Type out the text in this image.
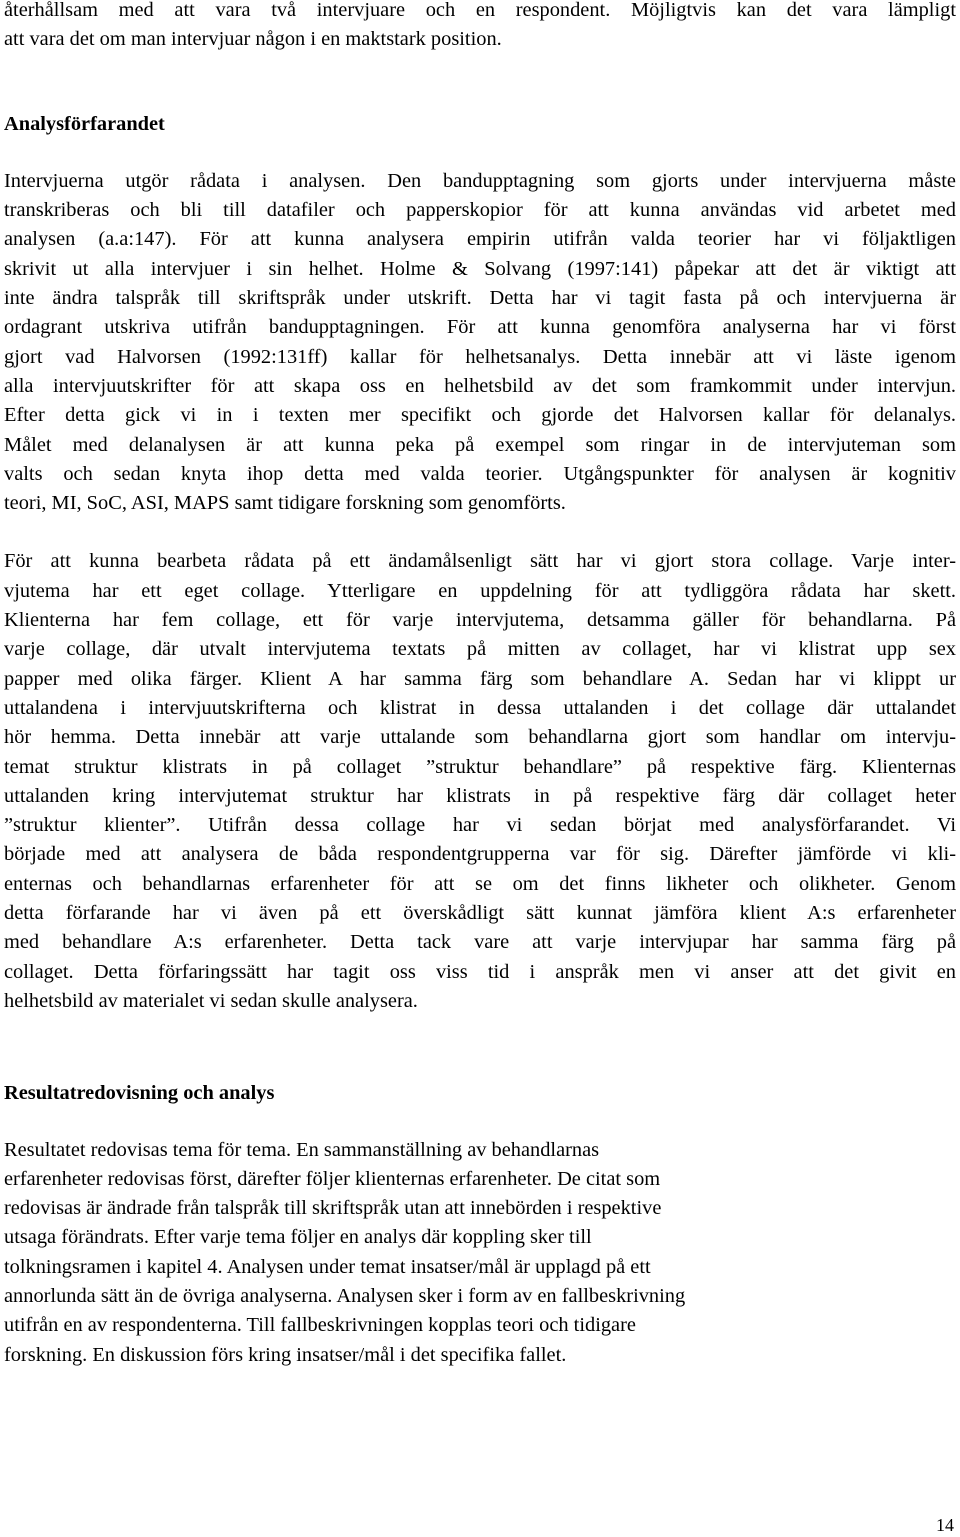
återhållsam med att vara två intervjuare och en respondent. Möjligtvis kan det vara lämpligt
att vara det om man intervjuar någon i en maktstark position.
Analysförfarandet
Intervjuerna utgör rådata i analysen. Den bandupptagning som gjorts under intervjuerna måste
transkriberas och bli till datafiler och papperskopior för att kunna användas vid arbetet med
analysen (a.a:147). För att kunna analysera empirin utifrån valda teorier har vi följaktligen
skrivit ut alla intervjuer i sin helhet. Holme & Solvang (1997:141) påpekar att det är viktigt att
inte ändra talspråk till skriftspråk under utskrift. Detta har vi tagit fasta på och intervjuerna är
ordagrant utskriva utifrån bandupptagningen. För att kunna genomföra analyserna har vi först
gjort vad Halvorsen (1992:131ff) kallar för helhetsanalys. Detta innebär att vi läste igenom
alla intervjuutskrifter för att skapa oss en helhetsbild av det som framkommit under intervjun.
Efter detta gick vi in i texten mer specifikt och gjorde det Halvorsen kallar för delanalys.
Målet med delanalysen är att kunna peka på exempel som ringar in de intervjuteman som
valts och sedan knyta ihop detta med valda teorier. Utgångspunkter för analysen är kognitiv
teori, MI, SoC, ASI, MAPS samt tidigare forskning som genomförts.
För att kunna bearbeta rådata på ett ändamålsenligt sätt har vi gjort stora collage. Varje inter-
vjutema har ett eget collage. Ytterligare en uppdelning för att tydliggöra rådata har skett.
Klienterna har fem collage, ett för varje intervjutema, detsamma gäller för behandlarna. På
varje collage, där utvalt intervjutema textats på mitten av collaget, har vi klistrat upp sex
papper med olika färger. Klient A har samma färg som behandlare A. Sedan har vi klippt ur
uttalandena i intervjuutskrifterna och klistrat in dessa uttalanden i det collage där uttalandet
hör hemma. Detta innebär att varje uttalande som behandlarna gjort som handlar om intervju-
temat struktur klistrats in på collaget ”struktur behandlare” på respektive färg. Klienternas
uttalanden kring intervjutemat struktur har klistrats in på respektive färg där collaget heter
”struktur klienter”. Utifrån dessa collage har vi sedan börjat med analysförfarandet. Vi
började med att analysera de båda respondentgrupperna var för sig. Därefter jämförde vi kli-
enternas och behandlarnas erfarenheter för att se om det finns likheter och olikheter. Genom
detta förfarande har vi även på ett överskådligt sätt kunnat jämföra klient A:s erfarenheter
med behandlare A:s erfarenheter. Detta tack vare att varje intervjupar har samma färg på
collaget. Detta förfaringssätt har tagit oss viss tid i anspråk men vi anser att det givit en
helhetsbild av materialet vi sedan skulle analysera.
Resultatredovisning och analys
Resultatet redovisas tema för tema. En sammanställning av behandlarnas
erfarenheter redovisas först, därefter följer klienternas erfarenheter. De citat som
redovisas är ändrade från talspråk till skriftspråk utan att innebörden i respektive
utsaga förändrats. Efter varje tema följer en analys där koppling sker till
tolkningsramen i kapitel 4. Analysen under temat insatser/mål är upplagd på ett
annorlunda sätt än de övriga analyserna. Analysen sker i form av en fallbeskrivning
utifrån en av respondenterna. Till fallbeskrivningen kopplas teori och tidigare
forskning. En diskussion förs kring insatser/mål i det specifika fallet.
14
